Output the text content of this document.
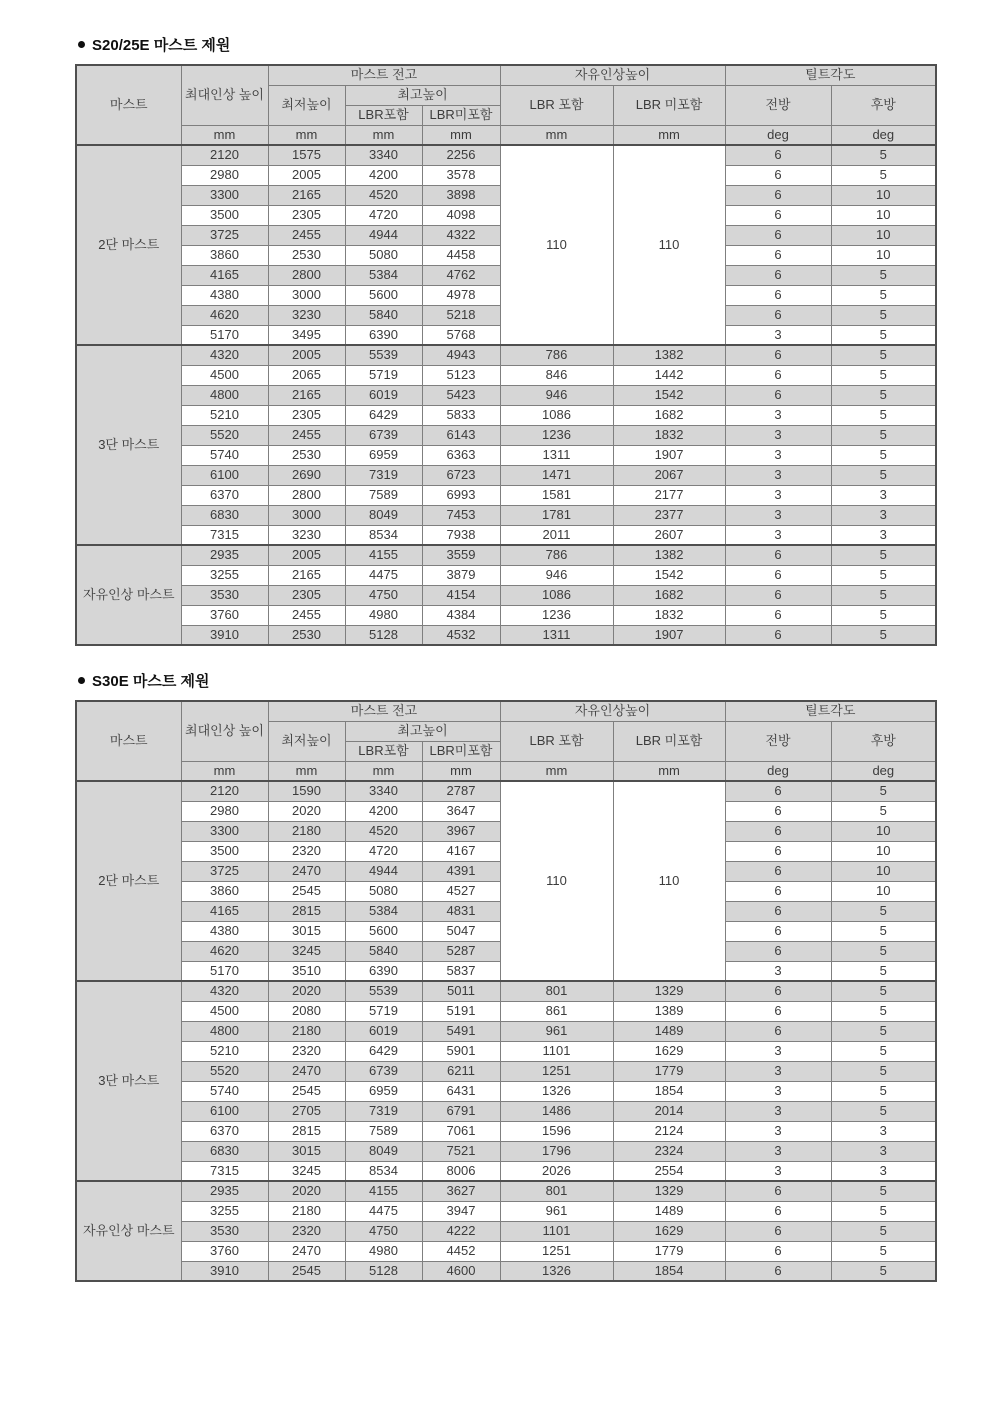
S20/25E 마스트 제원
마스트	최대인상 높이	마스트 전고			자유인상높이		틸트각도	
		최저높이	최고높이		LBR 포함	LBR 미포함	전방	후방
			LBR포함	LBR미포함				
	mm	mm	mm	mm	mm	mm	deg	deg
2단 마스트	2120	1575	3340	2256	110	110	6	5
	2980	2005	4200	3578			6	5
	3300	2165	4520	3898			6	10
	3500	2305	4720	4098			6	10
	3725	2455	4944	4322			6	10
	3860	2530	5080	4458			6	10
	4165	2800	5384	4762			6	5
	4380	3000	5600	4978			6	5
	4620	3230	5840	5218			6	5
	5170	3495	6390	5768			3	5
3단 마스트	4320	2005	5539	4943	786	1382	6	5
	4500	2065	5719	5123	846	1442	6	5
	4800	2165	6019	5423	946	1542	6	5
	5210	2305	6429	5833	1086	1682	3	5
	5520	2455	6739	6143	1236	1832	3	5
	5740	2530	6959	6363	1311	1907	3	5
	6100	2690	7319	6723	1471	2067	3	5
	6370	2800	7589	6993	1581	2177	3	3
	6830	3000	8049	7453	1781	2377	3	3
	7315	3230	8534	7938	2011	2607	3	3
자유인상 마스트	2935	2005	4155	3559	786	1382	6	5
	3255	2165	4475	3879	946	1542	6	5
	3530	2305	4750	4154	1086	1682	6	5
	3760	2455	4980	4384	1236	1832	6	5
	3910	2530	5128	4532	1311	1907	6	5
S30E 마스트 제원
마스트	최대인상 높이	마스트 전고			자유인상높이		틸트각도	
		최저높이	최고높이		LBR 포함	LBR 미포함	전방	후방
			LBR포함	LBR미포함				
	mm	mm	mm	mm	mm	mm	deg	deg
2단 마스트	2120	1590	3340	2787	110	110	6	5
	2980	2020	4200	3647			6	5
	3300	2180	4520	3967			6	10
	3500	2320	4720	4167			6	10
	3725	2470	4944	4391			6	10
	3860	2545	5080	4527			6	10
	4165	2815	5384	4831			6	5
	4380	3015	5600	5047			6	5
	4620	3245	5840	5287			6	5
	5170	3510	6390	5837			3	5
3단 마스트	4320	2020	5539	5011	801	1329	6	5
	4500	2080	5719	5191	861	1389	6	5
	4800	2180	6019	5491	961	1489	6	5
	5210	2320	6429	5901	1101	1629	3	5
	5520	2470	6739	6211	1251	1779	3	5
	5740	2545	6959	6431	1326	1854	3	5
	6100	2705	7319	6791	1486	2014	3	5
	6370	2815	7589	7061	1596	2124	3	3
	6830	3015	8049	7521	1796	2324	3	3
	7315	3245	8534	8006	2026	2554	3	3
자유인상 마스트	2935	2020	4155	3627	801	1329	6	5
	3255	2180	4475	3947	961	1489	6	5
	3530	2320	4750	4222	1101	1629	6	5
	3760	2470	4980	4452	1251	1779	6	5
	3910	2545	5128	4600	1326	1854	6	5
